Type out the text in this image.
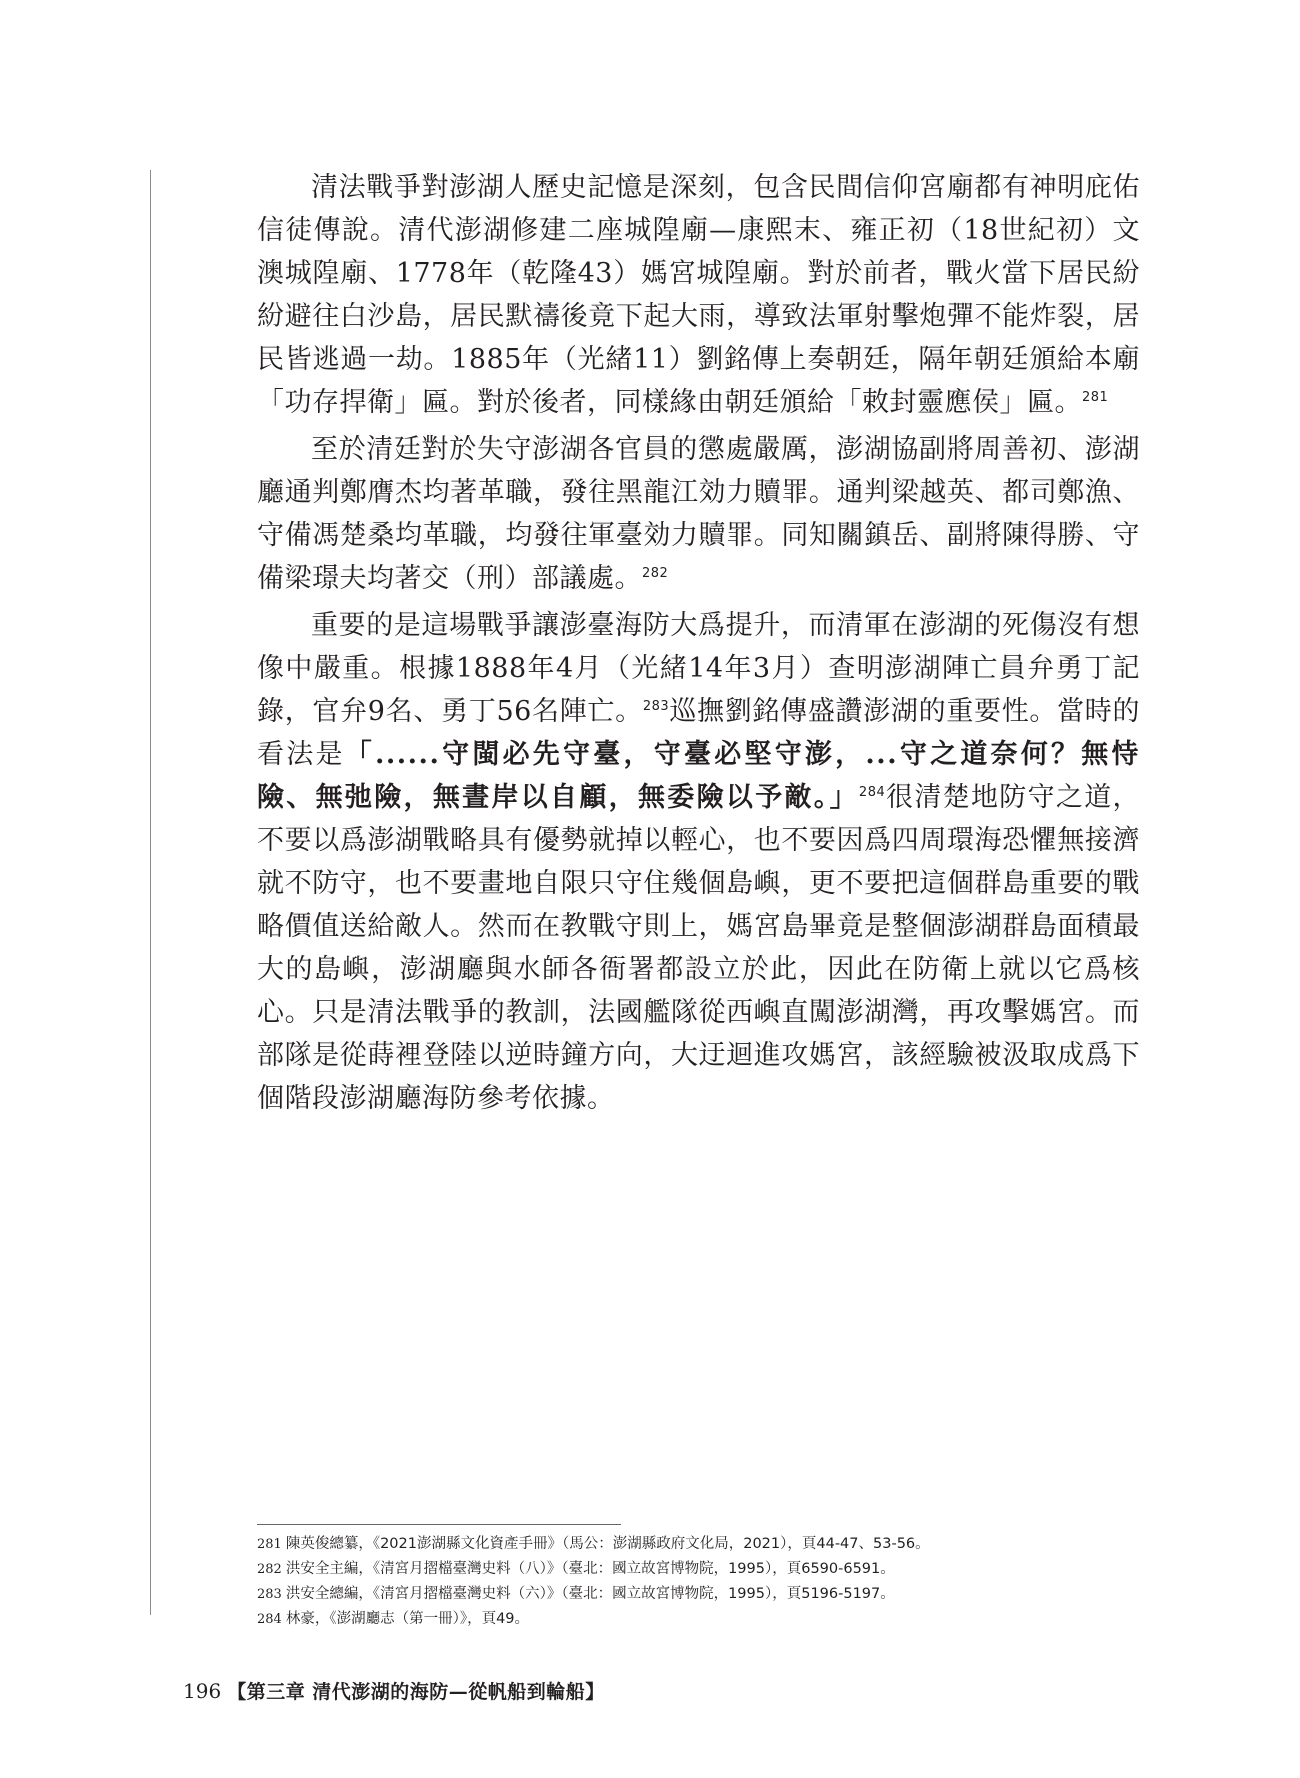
清法戰爭對澎湖人歷史記憶是深刻，包含民間信仰宮廟都有神明庇佑信徒傳說。清代澎湖修建二座城隍廟—康熙末、雍正初（18世紀初）文澳城隍廟、1778年（乾隆43）媽宮城隍廟。對於前者，戰火當下居民紛紛避往白沙島，居民默禱後竟下起大雨，導致法軍射擊炮彈不能炸裂，居民皆逃過一劫。1885年（光緒11）劉銘傳上奏朝廷，隔年朝廷頒給本廟「功存捍衛」匾。對於後者，同樣緣由朝廷頒給「敕封靈應侯」匾。$^{281}$

至於清廷對於失守澎湖各官員的懲處嚴厲，澎湖協副將周善初、澎湖廳通判鄭膺杰均著革職，發往黑龍江効力贖罪。通判梁越英、都司鄭漁、守備馮楚桑均革職，均發往軍臺効力贖罪。同知關鎮岳、副將陳得勝、守備梁璟夫均著交（刑）部議處。$^{282}$

重要的是這場戰爭讓澎臺海防大爲提升，而清軍在澎湖的死傷沒有想像中嚴重。根據1888年4月（光緒14年3月）查明澎湖陣亡員弁勇丁記錄，官弁9名、勇丁56名陣亡。$^{283}$巡撫劉銘傳盛讚澎湖的重要性。當時的看法是「......守閩必先守臺，守臺必堅守澎，...守之道奈何？無恃險、無弛險，無晝岸以自顧，無委險以予敵。」$^{284}$很清楚地防守之道，不要以爲澎湖戰略具有優勢就掉以輕心，也不要因爲四周環海恐懼無接濟就不防守，也不要畫地自限只守住幾個島嶼，更不要把這個群島重要的戰略價值送給敵人。然而在教戰守則上，媽宮島畢竟是整個澎湖群島面積最大的島嶼，澎湖廳與水師各衙署都設立於此，因此在防衛上就以它爲核心。只是清法戰爭的教訓，法國艦隊從西嶼直闖澎湖灣，再攻擊媽宮。而部隊是從蒔裡登陸以逆時鐘方向，大迂迴進攻媽宮，該經驗被汲取成爲下個階段澎湖廳海防參考依據。

281 陳英俊總纂，《2021澎湖縣文化資產手冊》（馬公：澎湖縣政府文化局，2021），頁44-47、53-56。
282 洪安全主編，《清宮月摺檔臺灣史料（八）》（臺北：國立故宮博物院，1995），頁6590-6591。
283 洪安全總編，《清宮月摺檔臺灣史料（六）》（臺北：國立故宮博物院，1995），頁5196-5197。
284 林豪，《澎湖廳志（第一冊）》，頁49。
196 【第三章 清代澎湖的海防—從帆船到輪船】
